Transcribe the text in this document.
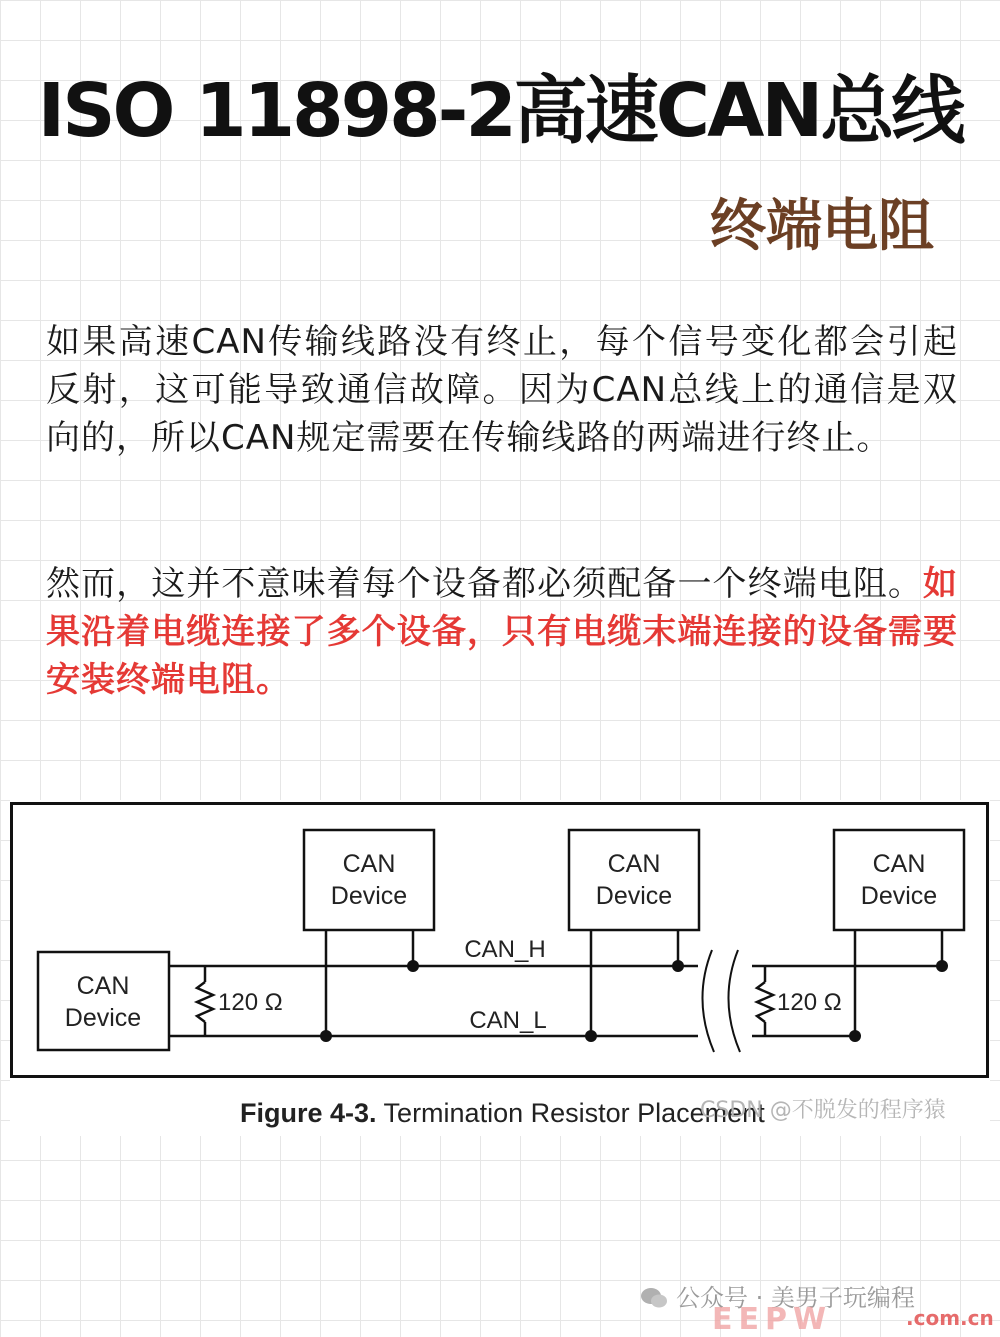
ISO 11898-2高速CAN总线
终端电阻

如果高速CAN传输线路没有终止，每个信号变化都会引起反射，这可能导致通信故障。因为CAN总线上的通信是双向的，所以CAN规定需要在传输线路的两端进行终止。

然而，这并不意味着每个设备都必须配备一个终端电阻。如果沿着电缆连接了多个设备，只有电缆末端连接的设备需要安装终端电阻。

CAN
Device
CAN
Device
CAN
Device
CAN
Device
CAN_H
CAN_L
120 Ω	120 Ω

Figure 4-3. Termination Resistor Placement

CSDN @不脱发的程序猿
公众号 · 美男子玩编程
EEPW	.com.cn
